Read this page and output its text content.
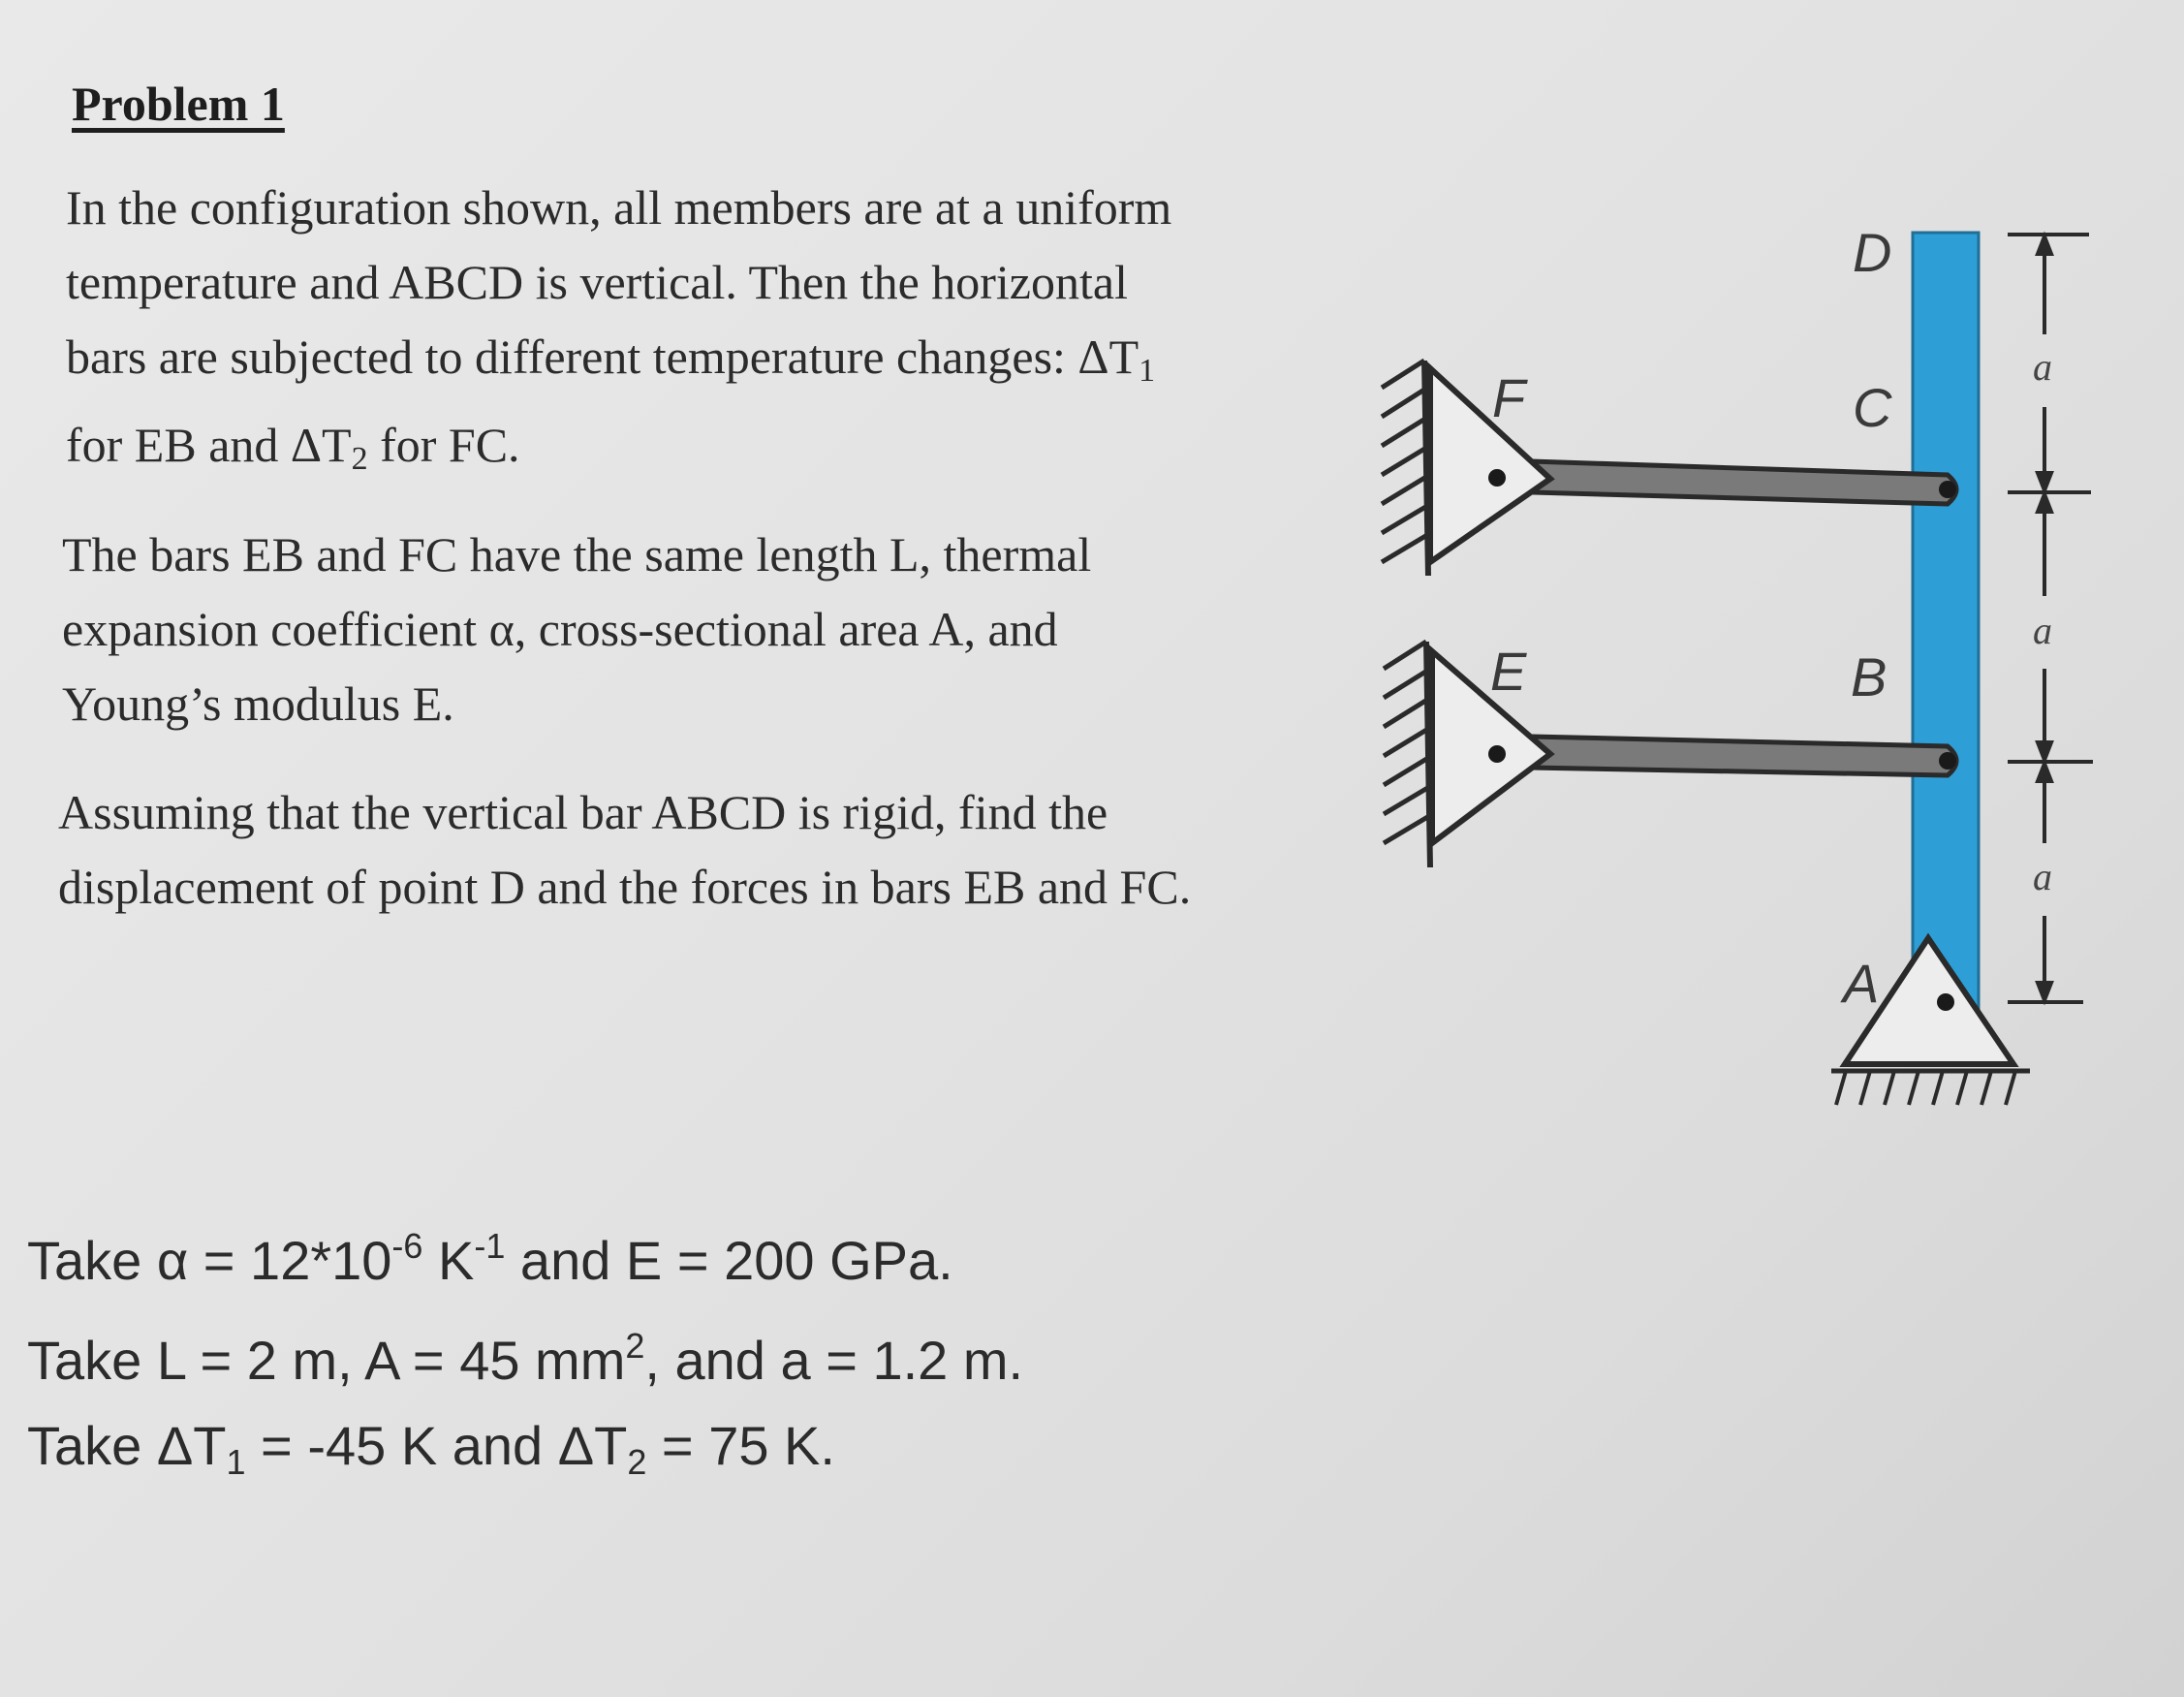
Problem 1
In the configuration shown, all members are at a uniform
temperature and ABCD is vertical. Then the horizontal
bars are subjected to different temperature changes: $\Delta T_1$
for EB and $\Delta T_2$ for FC.
The bars EB and FC have the same length L, thermal
expansion coefficient α, cross-sectional area A, and
Young’s modulus E.
Assuming that the vertical bar ABCD is rigid, find the
displacement of point D and the forces in bars EB and FC.
Take $\alpha = 12*10^{-6}$ $K^{-1}$ and E = 200 GPa.
Take L = 2 m, A = 45 $mm^2$, and a = 1.2 m.
Take $\Delta T_1 = -45$ K and $\Delta T_2 = 75$ K.
D
C
B
A
F
E
a
a
a
